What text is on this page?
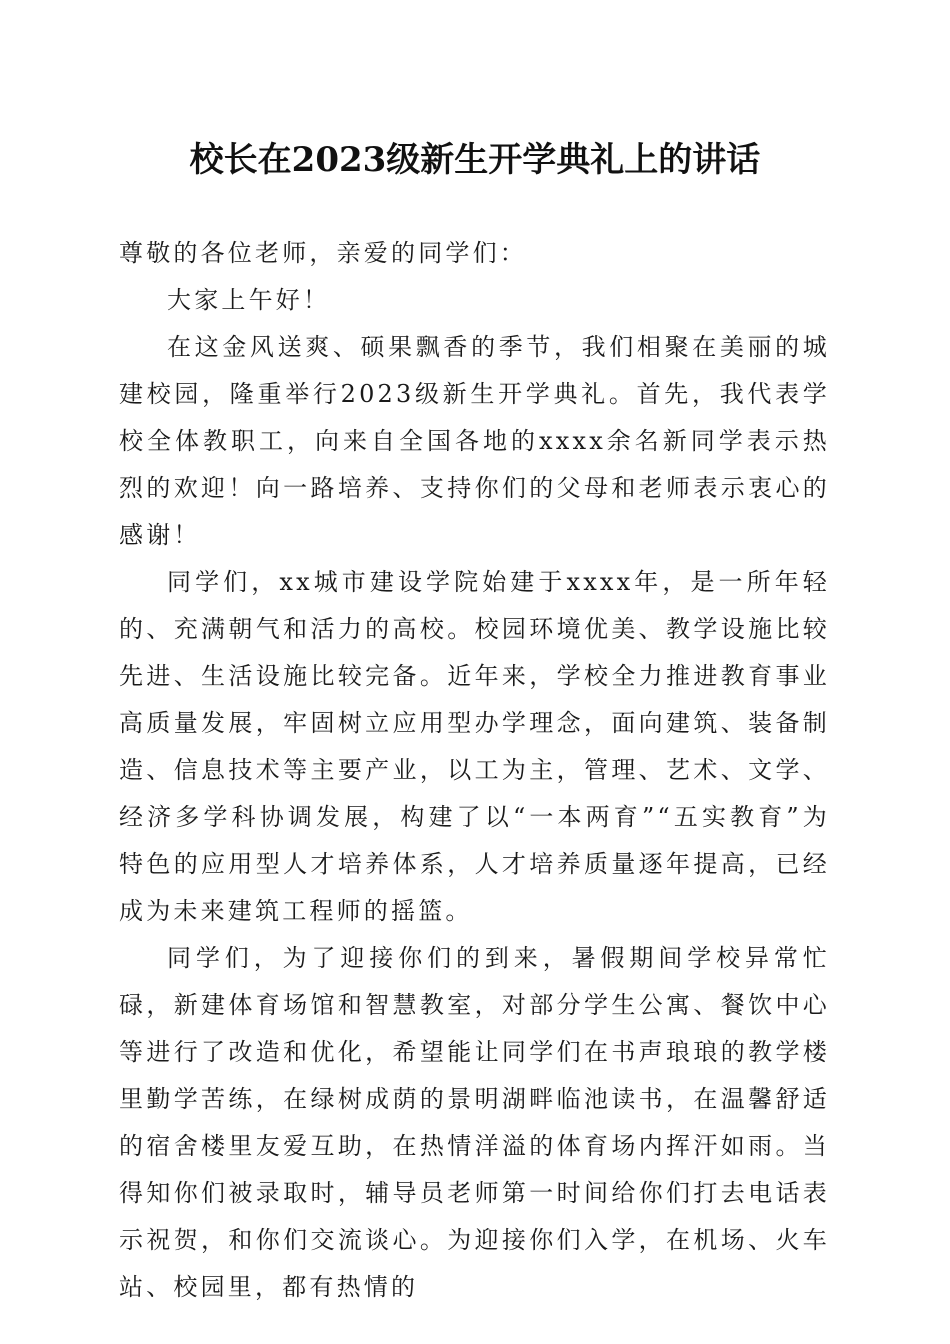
校长在2023级新生开学典礼上的讲话

尊敬的各位老师，亲爱的同学们：

大家上午好！

在这金风送爽、硕果飘香的季节，我们相聚在美丽的城建校园，隆重举行2023级新生开学典礼。首先，我代表学校全体教职工，向来自全国各地的xxxx余名新同学表示热烈的欢迎！向一路培养、支持你们的父母和老师表示衷心的感谢！

同学们，xx城市建设学院始建于xxxx年，是一所年轻的、充满朝气和活力的高校。校园环境优美、教学设施比较先进、生活设施比较完备。近年来，学校全力推进教育事业高质量发展，牢固树立应用型办学理念，面向建筑、装备制造、信息技术等主要产业，以工为主，管理、艺术、文学、经济多学科协调发展，构建了以“一本两育”“五实教育”为特色的应用型人才培养体系，人才培养质量逐年提高，已经成为未来建筑工程师的摇篮。

同学们，为了迎接你们的到来，暑假期间学校异常忙碌，新建体育场馆和智慧教室，对部分学生公寓、餐饮中心等进行了改造和优化，希望能让同学们在书声琅琅的教学楼里勤学苦练，在绿树成荫的景明湖畔临池读书，在温馨舒适的宿舍楼里友爱互助，在热情洋溢的体育场内挥汗如雨。当得知你们被录取时，辅导员老师第一时间给你们打去电话表示祝贺，和你们交流谈心。为迎接你们入学，在机场、火车站、校园里，都有热情的
